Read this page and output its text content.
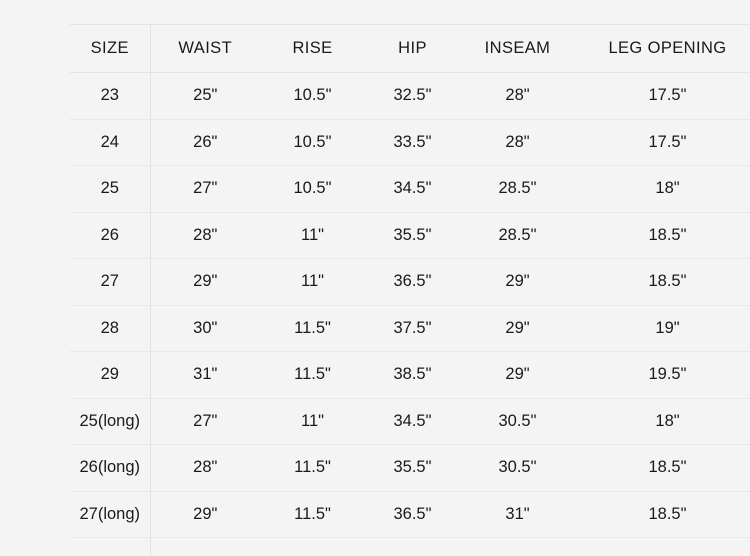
SIZE	WAIST	RISE	HIP	INSEAM	LEG OPENING
23	25"	10.5"	32.5"	28"	17.5"
24	26"	10.5"	33.5"	28"	17.5"
25	27"	10.5"	34.5"	28.5"	18"
26	28"	11"	35.5"	28.5"	18.5"
27	29"	11"	36.5"	29"	18.5"
28	30"	11.5"	37.5"	29"	19"
29	31"	11.5"	38.5"	29"	19.5"
25(long)	27"	11"	34.5"	30.5"	18"
26(long)	28"	11.5"	35.5"	30.5"	18.5"
27(long)	29"	11.5"	36.5"	31"	18.5"
